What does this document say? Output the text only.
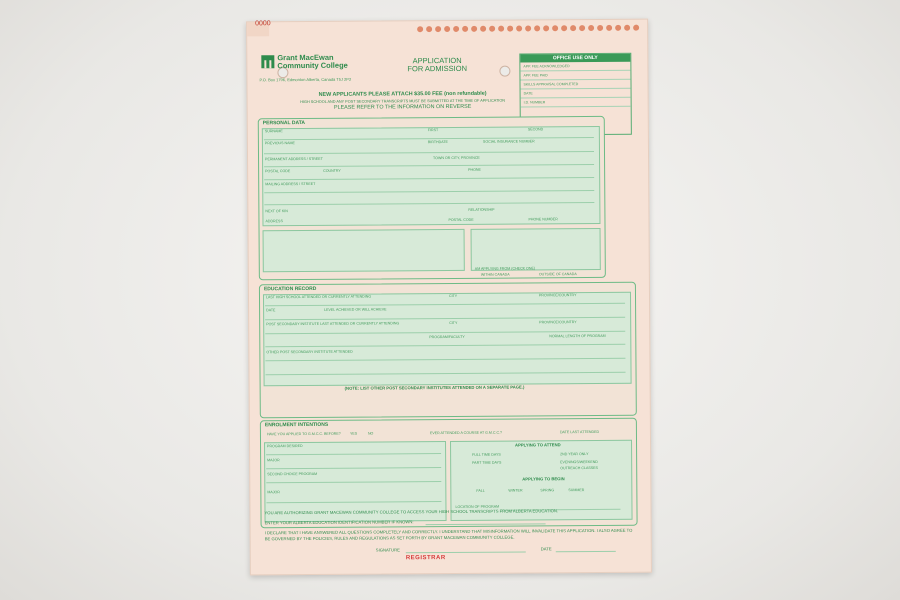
0000
Grant MacEwan
Community College
P.O. Box 1796, Edmonton Alberta, Canada T5J 2P2
APPLICATION
FOR ADMISSION
OFFICE USE ONLY
APP. FEE ACKNOWLEDGED
APP. FEE PAID
SKILLS APPRAISAL COMPLETED
DATE
I.D. NUMBER
NEW APPLICANTS PLEASE ATTACH $35.00 FEE (non refundable)
HIGH SCHOOL AND ANY POST SECONDARY TRANSCRIPTS MUST BE SUBMITTED AT THE TIME OF APPLICATION
PLEASE REFER TO THE INFORMATION ON REVERSE
PERSONAL DATA
SURNAME	FIRST	SECOND
PREVIOUS NAME	BIRTHDATE	SOCIAL INSURANCE NUMBER
PERMANENT ADDRESS / STREET	TOWN OR CITY, PROVINCE
POSTAL CODE	COUNTRY	PHONE
MAILING ADDRESS / STREET
NEXT OF KIN	RELATIONSHIP
ADDRESS	POSTAL CODE	PHONE NUMBER
AM APPLYING FROM (CHECK ONE)
WITHIN CANADA	OUTSIDE OF CANADA
EDUCATION RECORD
LAST HIGH SCHOOL ATTENDED OR CURRENTLY ATTENDING	CITY	PROVINCE/COUNTRY
DATE	LEVEL ACHIEVED OR WILL ACHIEVE
POST SECONDARY INSTITUTE LAST ATTENDED OR CURRENTLY ATTENDING	CITY	PROVINCE/COUNTRY
PROGRAM/FACULTY	NORMAL LENGTH OF PROGRAM
OTHER POST SECONDARY INSTITUTE ATTENDED
(NOTE: LIST OTHER POST SECONDARY INSTITUTES ATTENDED ON A SEPARATE PAGE.)
ENROLMENT INTENTIONS
HAVE YOU APPLIED TO G.M.C.C. BEFORE?	YES	NO	EVER ATTENDED A COURSE AT G.M.C.C.?	DATE LAST ATTENDED
PROGRAM DESIRED
MAJOR
SECOND CHOICE PROGRAM
MAJOR
APPLYING TO ATTEND
FULL TIME DAYS
PART TIME DAYS
2ND YEAR ONLY
EVENINGS/WEEKEND
OUTREACH CLASSES
APPLYING TO BEGIN
FALL	WINTER	SPRING	SUMMER
LOCATION OF PROGRAM
YOU ARE AUTHORIZING GRANT MACEWAN COMMUNITY COLLEGE TO ACCESS YOUR HIGH SCHOOL TRANSCRIPTS FROM ALBERTA EDUCATION.
ENTER YOUR ALBERTA EDUCATION IDENTIFICATION NUMBER IF KNOWN:
I DECLARE THAT I HAVE ANSWERED ALL QUESTIONS COMPLETELY AND CORRECTLY. I UNDERSTAND THAT MISINFORMATION WILL INVALIDATE THIS APPLICATION. I ALSO AGREE TO BE GOVERNED BY THE POLICIES, RULES AND REGULATIONS AS SET FORTH BY GRANT MACEWAN COMMUNITY COLLEGE.
SIGNATURE	DATE
REGISTRAR
